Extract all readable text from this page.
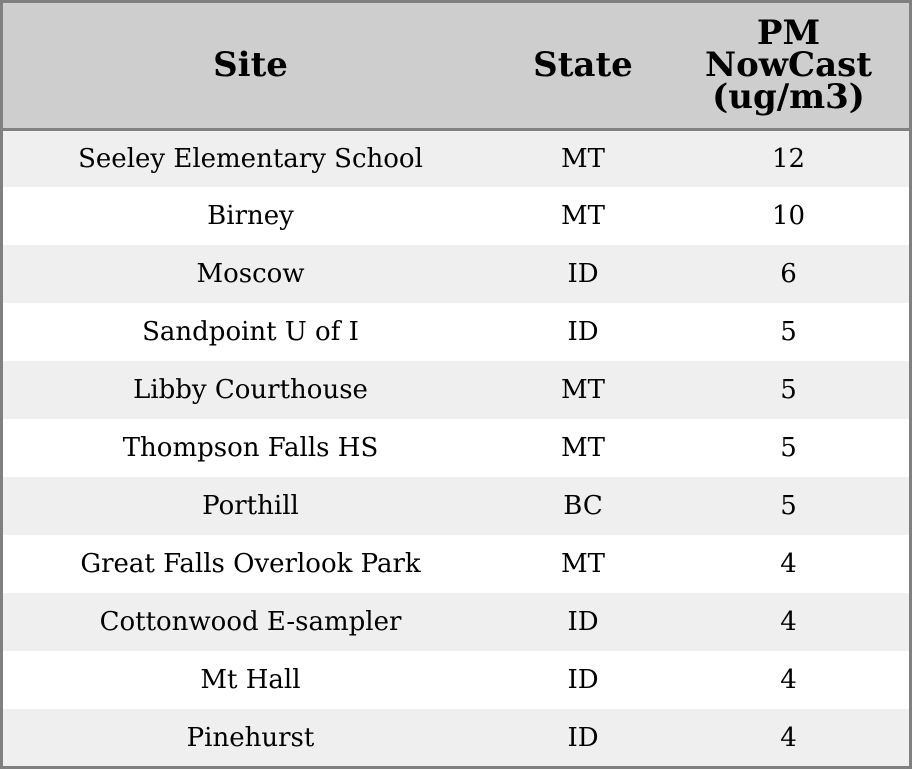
Site	State	PM NowCast (ug/m3)
Seeley Elementary School	MT	12
Birney	MT	10
Moscow	ID	6
Sandpoint U of I	ID	5
Libby Courthouse	MT	5
Thompson Falls HS	MT	5
Porthill	BC	5
Great Falls Overlook Park	MT	4
Cottonwood E-sampler	ID	4
Mt Hall	ID	4
Pinehurst	ID	4
